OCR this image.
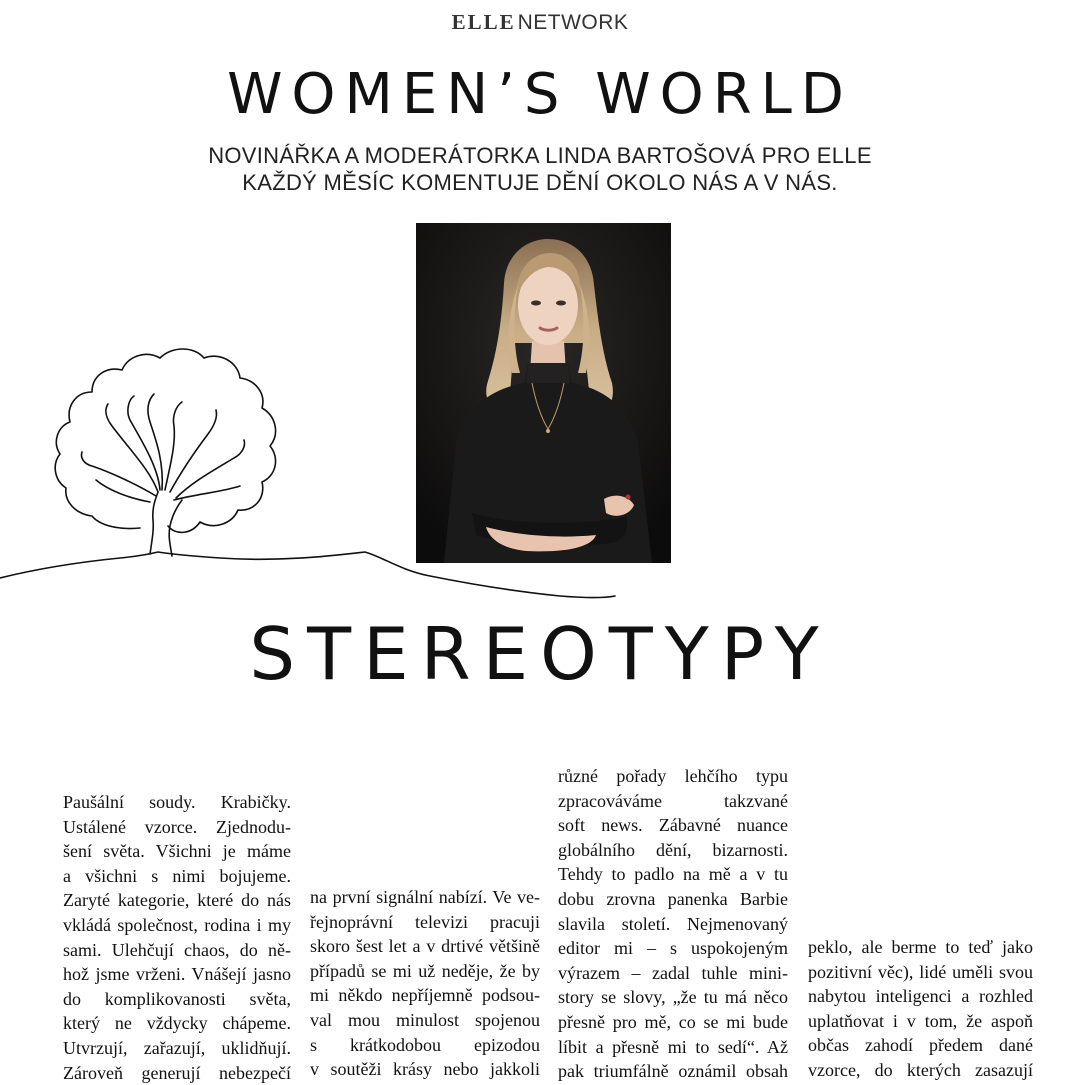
ELLENETWORK
WOMEN’S WORLD
NOVINÁŘKA A MODERÁTORKA LINDA BARTOŠOVÁ PRO ELLE
KAŽDÝ MĚSÍC KOMENTUJE DĚNÍ OKOLO NÁS A V NÁS.
STEREOTYPY
Paušální soudy. Krabičky.
Ustálené vzorce. Zjednodu-
šení světa. Všichni je máme
a všichni s nimi bojujeme.
Zaryté kategorie, které do nás
vkládá společnost, rodina i my
sami. Ulehčují chaos, do ně-
hož jsme vrženi. Vnášejí jasno
do komplikovanosti světa,
který ne vždycky chápeme.
Utvrzují, zařazují, uklidňují.
Zároveň generují nebezpečí
na první signální nabízí. Ve ve-
řejnoprávní televizi pracuji
skoro šest let a v drtivé většině
případů se mi už neděje, že by
mi někdo nepříjemně podsou-
val mou minulost spojenou
s krátkodobou epizodou
v soutěži krásy nebo jakkoli
různé pořady lehčího typu
zpracováváme takzvané
soft news. Zábavné nuance
globálního dění, bizarnosti.
Tehdy to padlo na mě a v tu
dobu zrovna panenka Barbie
slavila století. Nejmenovaný
editor mi – s uspokojeným
výrazem – zadal tuhle mini-
story se slovy, „že tu má něco
přesně pro mě, co se mi bude
líbit a přesně mi to sedí“. Až
pak triumfálně oznámil obsah
peklo, ale berme to teď jako
pozitivní věc), lidé uměli svou
nabytou inteligenci a rozhled
uplatňovat i v tom, že aspoň
občas zahodí předem dané
vzorce, do kterých zasazují
